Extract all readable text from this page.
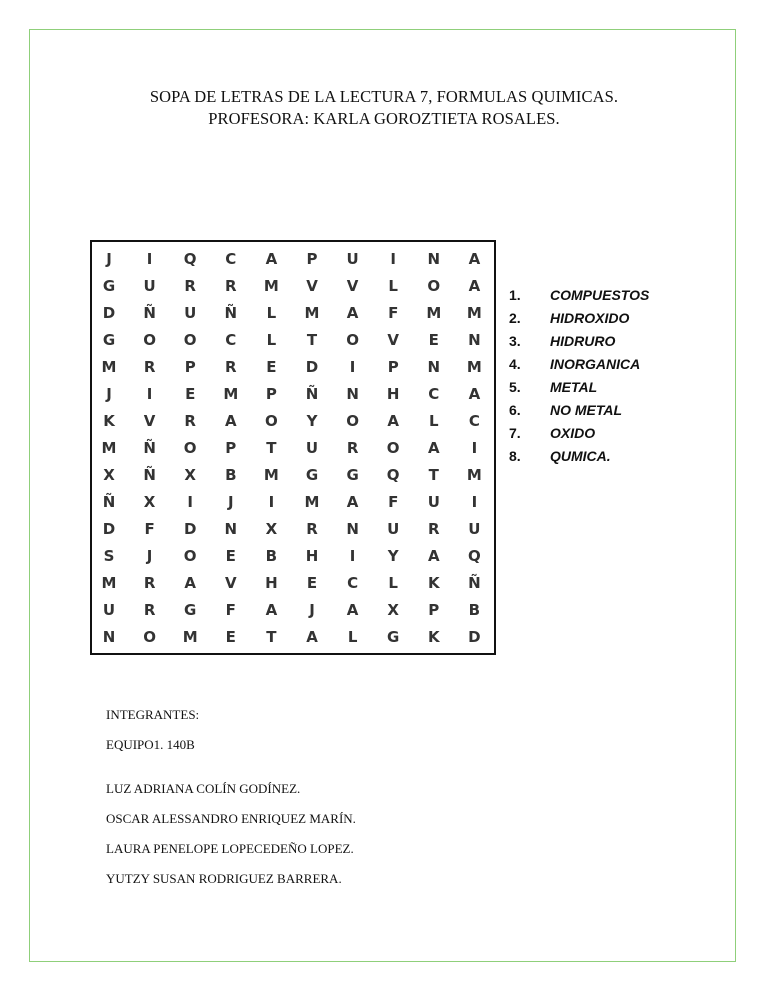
SOPA DE LETRAS DE LA LECTURA 7, FORMULAS QUIMICAS.
PROFESORA: KARLA GOROZTIETA ROSALES.
J	I	Q	C	A	P	U	I	N	A
G	U	R	R	M	V	V	L	O	A
D	Ñ	U	Ñ	L	M	A	F	M	M
G	O	O	C	L	T	O	V	E	N
M	R	P	R	E	D	I	P	N	M
J	I	E	M	P	Ñ	N	H	C	A
K	V	R	A	O	Y	O	A	L	C
M	Ñ	O	P	T	U	R	O	A	I
X	Ñ	X	B	M	G	G	Q	T	M
Ñ	X	I	J	I	M	A	F	U	I
D	F	D	N	X	R	N	U	R	U
S	J	O	E	B	H	I	Y	A	Q
M	R	A	V	H	E	C	L	K	Ñ
U	R	G	F	A	J	A	X	P	B
N	O	M	E	T	A	L	G	K	D
1. COMPUESTOS
2. HIDROXIDO
3. HIDRURO
4. INORGANICA
5. METAL
6. NO METAL
7. OXIDO
8. QUMICA.
INTEGRANTES:
EQUIPO1. 140B
LUZ ADRIANA COLÍN GODÍNEZ.
OSCAR ALESSANDRO ENRIQUEZ MARÍN.
LAURA PENELOPE LOPECEDEÑO LOPEZ.
YUTZY SUSAN RODRIGUEZ BARRERA.
